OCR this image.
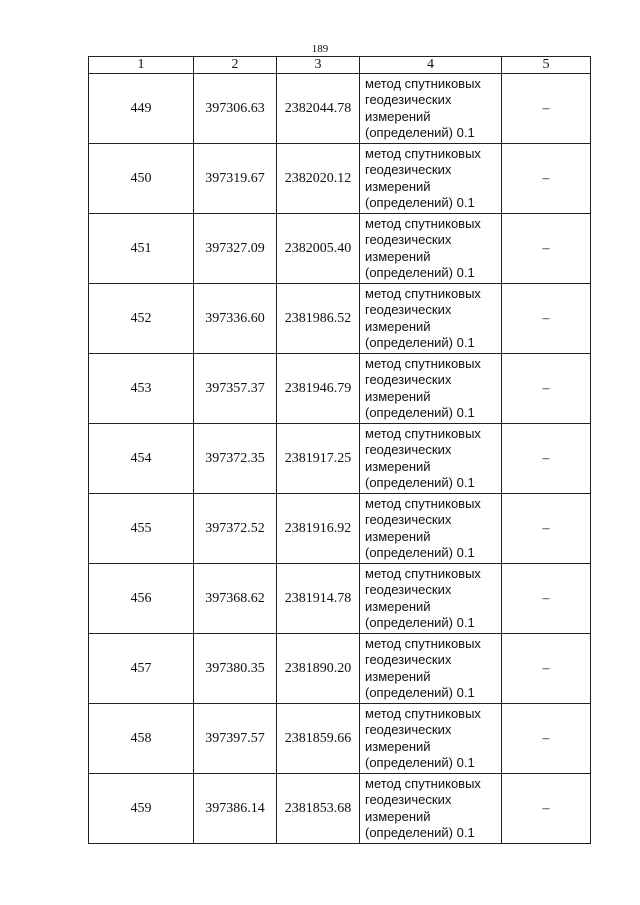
189
1	2	3	4	5
449	397306.63	2382044.78	метод спутниковых
геодезических
измерений
(определений) 0.1	–
450	397319.67	2382020.12	метод спутниковых
геодезических
измерений
(определений) 0.1	–
451	397327.09	2382005.40	метод спутниковых
геодезических
измерений
(определений) 0.1	–
452	397336.60	2381986.52	метод спутниковых
геодезических
измерений
(определений) 0.1	–
453	397357.37	2381946.79	метод спутниковых
геодезических
измерений
(определений) 0.1	–
454	397372.35	2381917.25	метод спутниковых
геодезических
измерений
(определений) 0.1	–
455	397372.52	2381916.92	метод спутниковых
геодезических
измерений
(определений) 0.1	–
456	397368.62	2381914.78	метод спутниковых
геодезических
измерений
(определений) 0.1	–
457	397380.35	2381890.20	метод спутниковых
геодезических
измерений
(определений) 0.1	–
458	397397.57	2381859.66	метод спутниковых
геодезических
измерений
(определений) 0.1	–
459	397386.14	2381853.68	метод спутниковых
геодезических
измерений
(определений) 0.1	–
